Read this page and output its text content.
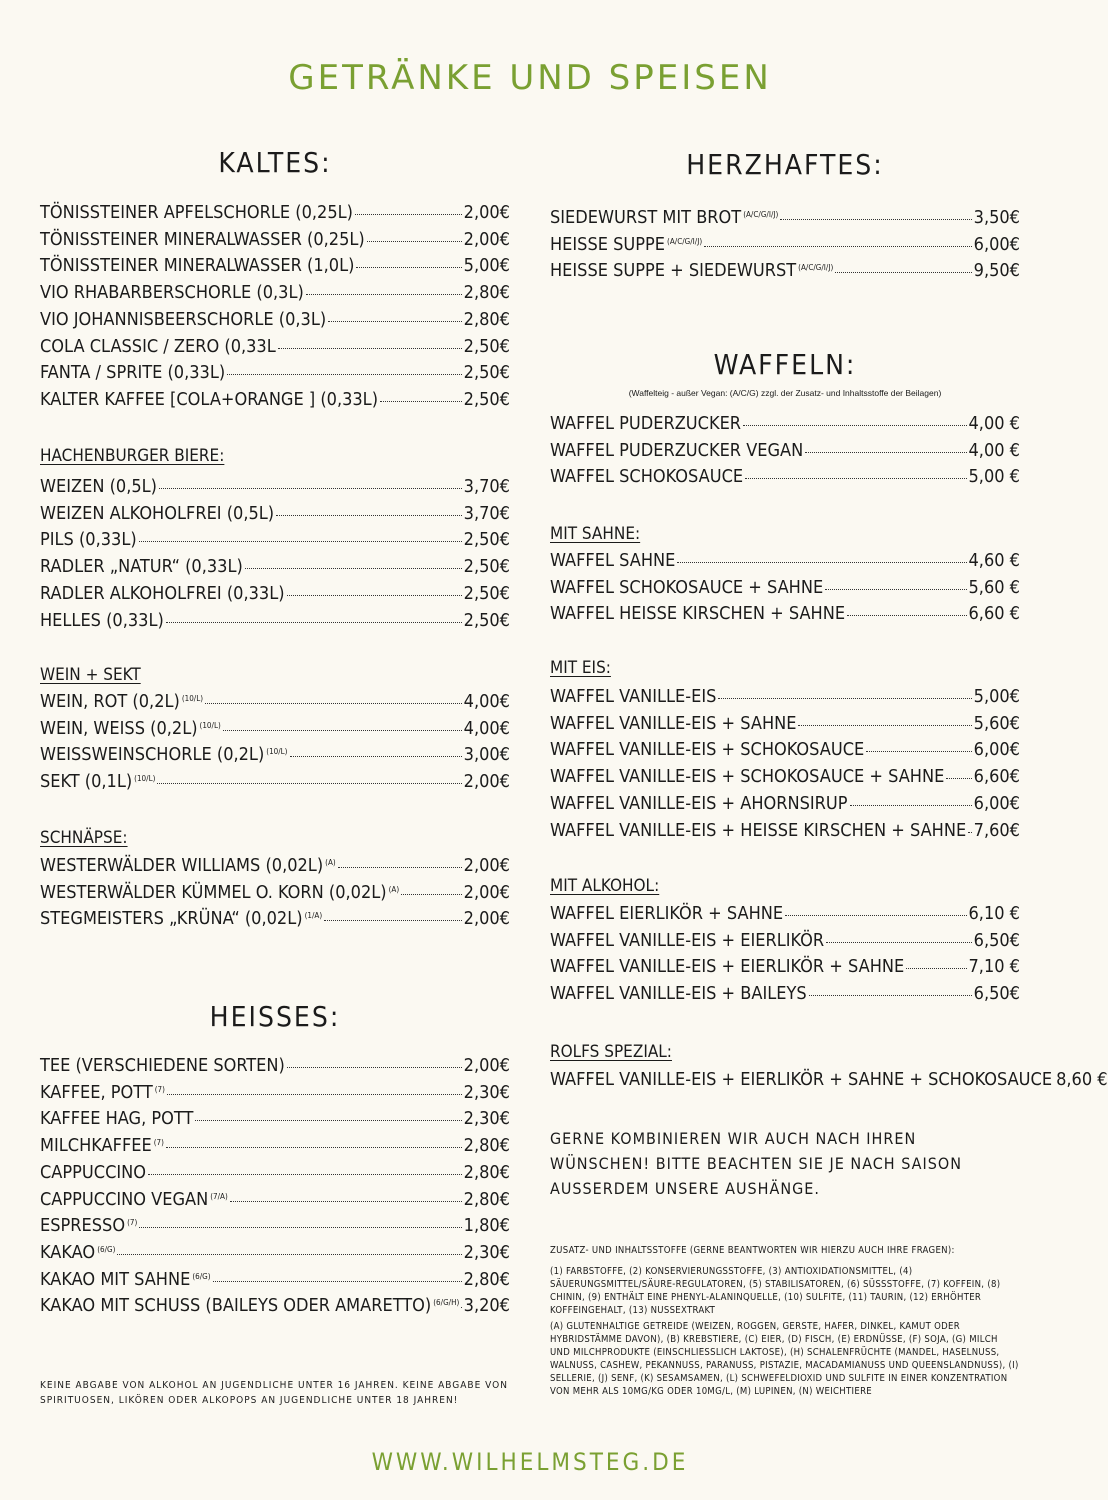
GETRÄNKE UND SPEISEN
KALTES:
HACHENBURGER BIERE:
WEIN + SEKT
SCHNÄPSE:
HEISSES:
KEINE ABGABE VON ALKOHOL AN JUGENDLICHE UNTER 16 JAHREN. KEINE ABGABE VON SPIRITUOSEN, LIKÖREN ODER ALKOPOPS AN JUGENDLICHE UNTER 18 JAHREN!
TÖNISSTEINER APFELSCHORLE (0,25L)	2,00€
TÖNISSTEINER MINERALWASSER (0,25L)	2,00€
TÖNISSTEINER MINERALWASSER (1,0L)	5,00€
VIO RHABARBERSCHORLE (0,3L)	2,80€
VIO JOHANNISBEERSCHORLE (0,3L)	2,80€
COLA CLASSIC / ZERO (0,33L	2,50€
FANTA / SPRITE (0,33L)	2,50€
KALTER KAFFEE [COLA+ORANGE ] (0,33L)	2,50€
WEIZEN (0,5L)	3,70€
WEIZEN ALKOHOLFREI (0,5L)	3,70€
PILS (0,33L)	2,50€
RADLER „NATUR“ (0,33L)	2,50€
RADLER ALKOHOLFREI (0,33L)	2,50€
HELLES (0,33L)	2,50€
WEIN, ROT (0,2L) $^{(10/L)}$	4,00€
WEIN, WEISS (0,2L) $^{(10/L)}$	4,00€
WEISSWEINSCHORLE (0,2L) $^{(10/L)}$	3,00€
SEKT (0,1L) $^{(10/L)}$	2,00€
WESTERWÄLDER WILLIAMS (0,02L) $^{(A)}$	2,00€
WESTERWÄLDER KÜMMEL O. KORN (0,02L) $^{(A)}$	2,00€
STEGMEISTERS „KRÜNA“ (0,02L) $^{(1/A)}$	2,00€
TEE (VERSCHIEDENE SORTEN)	2,00€
KAFFEE, POTT $^{(7)}$	2,30€
KAFFEE HAG, POTT	2,30€
MILCHKAFFEE $^{(7)}$	2,80€
CAPPUCCINO	2,80€
CAPPUCCINO VEGAN $^{(7/A)}$	2,80€
ESPRESSO $^{(7)}$	1,80€
KAKAO $^{(6/G)}$	2,30€
KAKAO MIT SAHNE $^{(6/G)}$	2,80€
KAKAO MIT SCHUSS (BAILEYS ODER AMARETTO) $^{(6/G/H)}$ 3,20€
HERZHAFTES:
WAFFELN:
(Waffelteig - außer Vegan: (A/C/G) zzgl. der Zusatz- und Inhaltsstoffe der Beilagen)
MIT SAHNE:
MIT EIS:
MIT ALKOHOL:
ROLFS SPEZIAL:
GERNE KOMBINIEREN WIR AUCH NACH IHREN WÜNSCHEN! BITTE BEACHTEN SIE JE NACH SAISON AUSSERDEM UNSERE AUSHÄNGE.
ZUSATZ- UND INHALTSSTOFFE (GERNE BEANTWORTEN WIR HIERZU AUCH IHRE FRAGEN):
(1) FARBSTOFFE, (2) KONSERVIERUNGSSTOFFE, (3) ANTIOXIDATIONSMITTEL, (4) SÄUERUNGSMITTEL/SÄURE-REGULATOREN, (5) STABILISATOREN, (6) SÜSSSTOFFE, (7) KOFFEIN, (8) CHININ, (9) ENTHÄLT EINE PHENYL-ALANINQUELLE, (10) SULFITE, (11) TAURIN, (12) ERHÖHTER KOFFEINGEHALT, (13) NUSSEXTRAKT
(A) GLUTENHALTIGE GETREIDE (WEIZEN, ROGGEN, GERSTE, HAFER, DINKEL, KAMUT ODER HYBRIDSTÄMME DAVON), (B) KREBSTIERE, (C) EIER, (D) FISCH, (E) ERDNÜSSE, (F) SOJA, (G) MILCH UND MILCHPRODUKTE (EINSCHLIESSLICH LAKTOSE), (H) SCHALENFRÜCHTE (MANDEL, HASELNUSS, WALNUSS, CASHEW, PEKANNUSS, PARANUSS, PISTAZIE, MACADAMIANUSS UND QUEENSLANDNUSS), (I) SELLERIE, (J) SENF, (K) SESAMSAMEN, (L) SCHWEFELDIOXID UND SULFITE IN EINER KONZENTRATION VON MEHR ALS 10MG/KG ODER 10MG/L, (M) LUPINEN, (N) WEICHTIERE
SIEDEWURST MIT BROT $^{(A/C/G/I/J)}$	3,50€
HEISSE SUPPE $^{(A/C/G/I/J)}$	6,00€
HEISSE SUPPE + SIEDEWURST $^{(A/C/G/I/J)}$	9,50€
WAFFEL PUDERZUCKER	4,00 €
WAFFEL PUDERZUCKER VEGAN	4,00 €
WAFFEL SCHOKOSAUCE	5,00 €
WAFFEL SAHNE	4,60 €
WAFFEL SCHOKOSAUCE + SAHNE	5,60 €
WAFFEL HEISSE KIRSCHEN + SAHNE	6,60 €
WAFFEL VANILLE-EIS	5,00€
WAFFEL VANILLE-EIS + SAHNE	5,60€
WAFFEL VANILLE-EIS + SCHOKOSAUCE	6,00€
WAFFEL VANILLE-EIS + SCHOKOSAUCE + SAHNE 6,60€
WAFFEL VANILLE-EIS + AHORNSIRUP	6,00€
WAFFEL VANILLE-EIS + HEISSE KIRSCHEN + SAHNE 7,60€
WAFFEL EIERLIKÖR + SAHNE	6,10 €
WAFFEL VANILLE-EIS + EIERLIKÖR	6,50€
WAFFEL VANILLE-EIS + EIERLIKÖR + SAHNE	7,10 €
WAFFEL VANILLE-EIS + BAILEYS	6,50€
WAFFEL VANILLE-EIS + EIERLIKÖR + SAHNE + SCHOKOSAUCE 8,60 €
WWW.WILHELMSTEG.DE
